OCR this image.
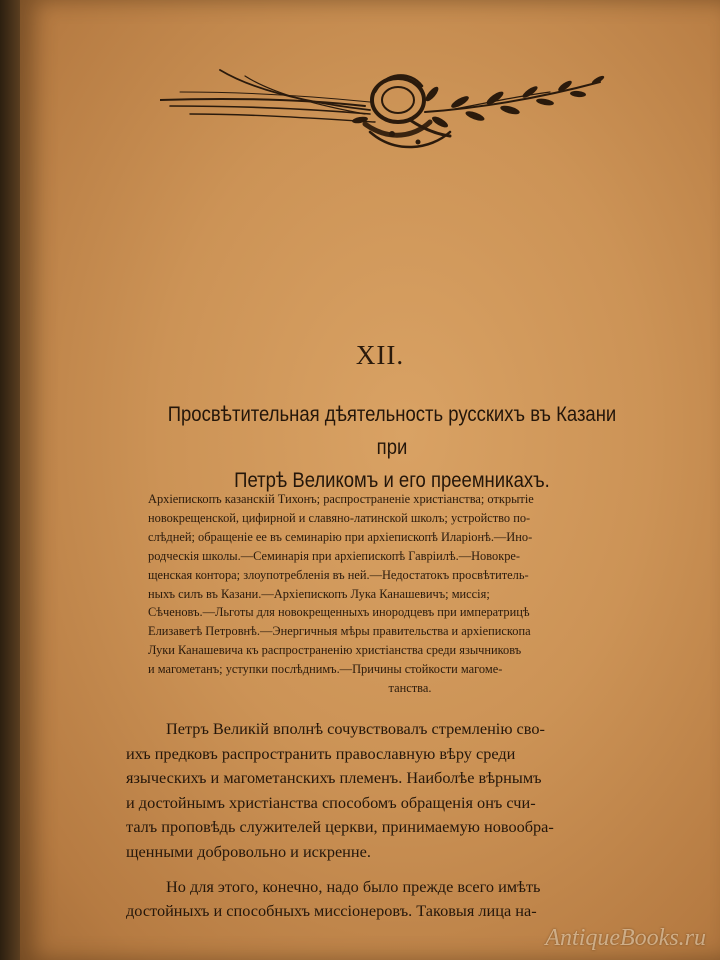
XII.
Просвѣтительная дѣятельность русскихъ въ Казани при
Петрѣ Великомъ и его преемникахъ.
Архіепископъ казанскій Тихонъ; распространеніе христіанства; открытіе
новокрещенской, цифирной и славяно-латинской школъ; устройство по-
слѣдней; обращеніе ее въ семинарію при архіепископѣ Иларіонѣ.—Ино-
родческія школы.—Семинарія при архіепископѣ Гавріилѣ.—Новокре-
щенская контора; злоупотребленія въ ней.—Недостатокъ просвѣтитель-
ныхъ силъ въ Казани.—Архіепископъ Лука Канашевичъ; миссія;
Сѣченовъ.—Льготы для новокрещенныхъ инородцевъ при императрицѣ
Елизаветѣ Петровнѣ.—Энергичныя мѣры правительства и архіепископа
Луки Канашевича къ распространенію христіанства среди язычниковъ
и магометанъ; уступки послѣднимъ.—Причины стойкости магоме-
танства.
Петръ Великій вполнѣ сочувствовалъ стремленію сво-
ихъ предковъ распространить православную вѣру среди
языческихъ и магометанскихъ племенъ. Наиболѣе вѣрнымъ
и достойнымъ христіанства способомъ обращенія онъ счи-
талъ проповѣдь служителей церкви, принимаемую новообра-
щенными добровольно и искренне.
Но для этого, конечно, надо было прежде всего имѣть
достойныхъ и способныхъ миссіонеровъ. Таковыя лица на-
AntiqueBooks.ru
